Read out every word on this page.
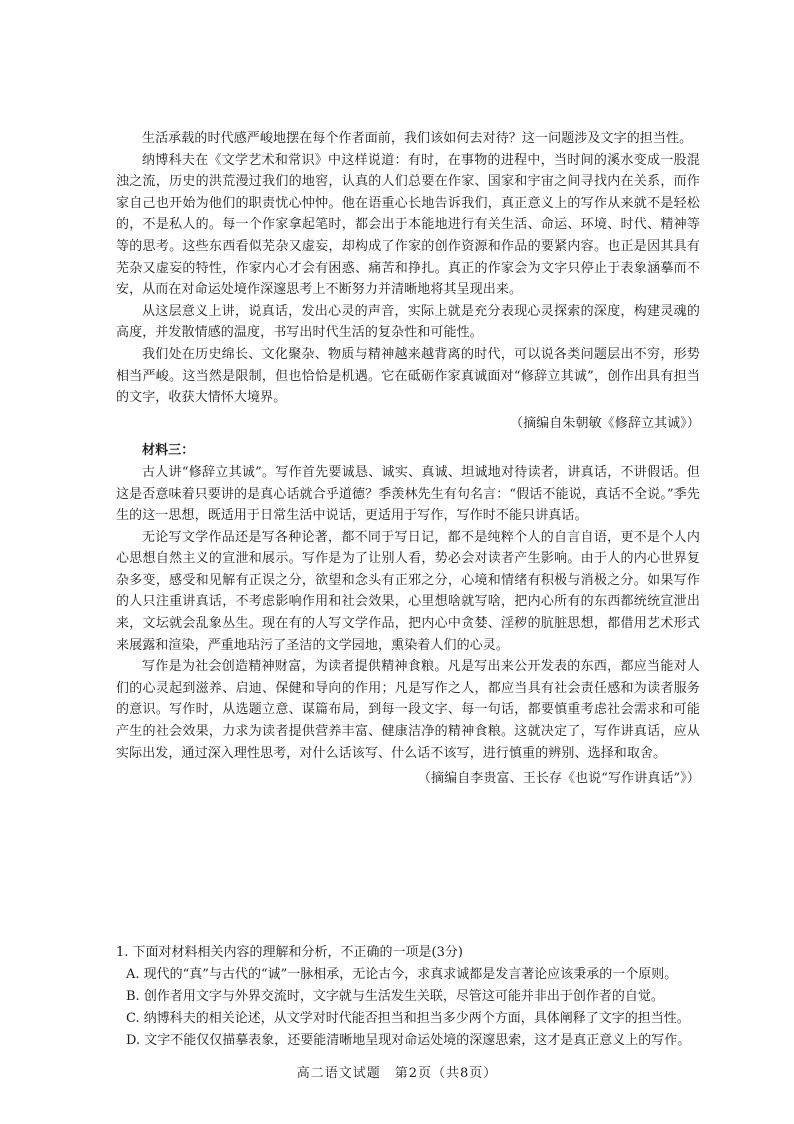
生活承载的时代感严峻地摆在每个作者面前，我们该如何去对待？这一问题涉及文字的担当性。

纳博科夫在《文学艺术和常识》中这样说道：有时，在事物的进程中，当时间的溪水变成一股混浊之流，历史的洪荒漫过我们的地窖，认真的人们总要在作家、国家和宇宙之间寻找内在关系，而作家自己也开始为他们的职责忧心忡忡。他在语重心长地告诉我们，真正意义上的写作从来就不是轻松的，不是私人的。每一个作家拿起笔时，都会出于本能地进行有关生活、命运、环境、时代、精神等等的思考。这些东西看似芜杂又虚妄，却构成了作家的创作资源和作品的要紧内容。也正是因其具有芜杂又虚妄的特性，作家内心才会有困惑、痛苦和挣扎。真正的作家会为文字只停止于表象涵摹而不安，从而在对命运处境作深邃思考上不断努力并清晰地将其呈现出来。

从这层意义上讲，说真话，发出心灵的声音，实际上就是充分表现心灵探索的深度，构建灵魂的高度，并发散情感的温度，书写出时代生活的复杂性和可能性。

我们处在历史绵长、文化聚杂、物质与精神越来越背离的时代，可以说各类问题层出不穷，形势相当严峻。这当然是限制，但也恰恰是机遇。它在砥砺作家真诚面对“修辞立其诚”，创作出具有担当的文字，收获大情怀大境界。

（摘编自朱朝敏《修辞立其诚》）

材料三：

古人讲“修辞立其诚”。写作首先要诚恳、诚实、真诚、坦诚地对待读者，讲真话，不讲假话。但这是否意味着只要讲的是真心话就合乎道德？季羡林先生有句名言：“假话不能说，真话不全说。”季先生的这一思想，既适用于日常生活中说话，更适用于写作，写作时不能只讲真话。

无论写文学作品还是写各种论著，都不同于写日记，都不是纯粹个人的自言自语，更不是个人内心思想自然主义的宣泄和展示。写作是为了让别人看，势必会对读者产生影响。由于人的内心世界复杂多变，感受和见解有正误之分，欲望和念头有正邪之分，心境和情绪有积极与消极之分。如果写作的人只注重讲真话，不考虑影响作用和社会效果，心里想啥就写啥，把内心所有的东西都统统宣泄出来，文坛就会乱象丛生。现在有的人写文学作品，把内心中贪婪、淫秽的肮脏思想，都借用艺术形式来展露和渲染，严重地玷污了圣洁的文学园地，熏染着人们的心灵。

写作是为社会创造精神财富，为读者提供精神食粮。凡是写出来公开发表的东西，都应当能对人们的心灵起到滋养、启迪、保健和导向的作用；凡是写作之人，都应当具有社会责任感和为读者服务的意识。写作时，从选题立意、谋篇布局，到每一段文字、每一句话，都要慎重考虑社会需求和可能产生的社会效果，力求为读者提供营养丰富、健康洁净的精神食粮。这就决定了，写作讲真话，应从实际出发，通过深入理性思考，对什么话该写、什么话不该写，进行慎重的辨别、选择和取舍。

（摘编自李贵富、王长存《也说“写作讲真话”》）

1. 下面对材料相关内容的理解和分析，不正确的一项是(3分)

A. 现代的“真”与古代的“诚”一脉相承，无论古今，求真求诚都是发言著论应该秉承的一个原则。

B. 创作者用文字与外界交流时，文字就与生活发生关联，尽管这可能并非出于创作者的自觉。

C. 纳博科夫的相关论述，从文学对时代能否担当和担当多少两个方面，具体阐释了文字的担当性。

D. 文字不能仅仅描摹表象，还要能清晰地呈现对命运处境的深邃思索，这才是真正意义上的写作。

高二语文试题　第2页（共8页）
